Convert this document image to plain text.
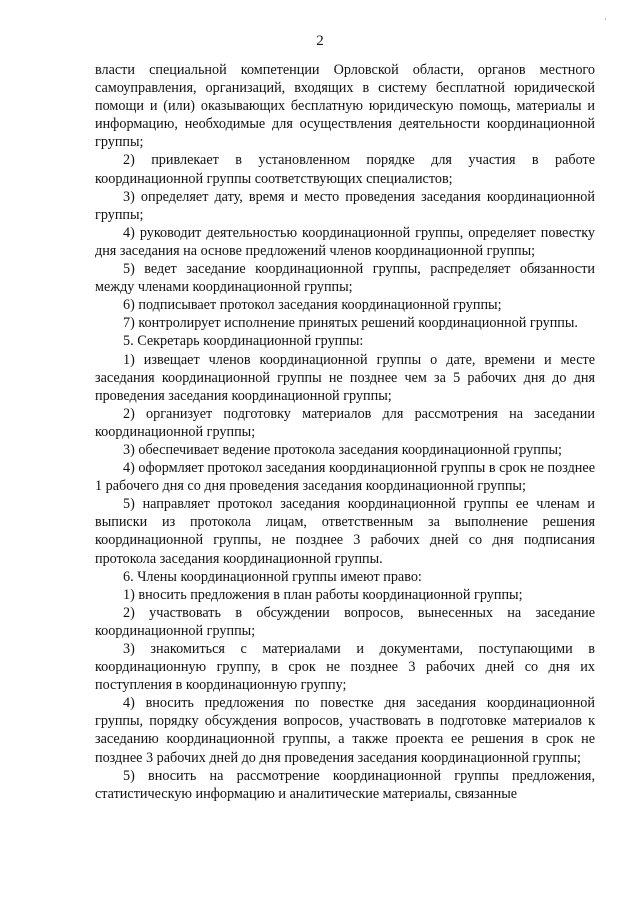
·
2

власти специальной компетенции Орловской области, органов местного самоуправления, организаций, входящих в систему бесплатной юридической помощи и (или) оказывающих бесплатную юридическую помощь, материалы и информацию, необходимые для осуществления деятельности координационной группы;

2) привлекает в установленном порядке для участия в работе координационной группы соответствующих специалистов;

3) определяет дату, время и место проведения заседания координационной группы;

4) руководит деятельностью координационной группы, определяет повестку дня заседания на основе предложений членов координационной группы;

5) ведет заседание координационной группы, распределяет обязанности между членами координационной группы;

6) подписывает протокол заседания координационной группы;

7) контролирует исполнение принятых решений координационной группы.

5. Секретарь координационной группы:

1) извещает членов координационной группы о дате, времени и месте заседания координационной группы не позднее чем за 5 рабочих дня до дня проведения заседания координационной группы;

2) организует подготовку материалов для рассмотрения на заседании координационной группы;

3) обеспечивает ведение протокола заседания координационной группы;

4) оформляет протокол заседания координационной группы в срок не позднее 1 рабочего дня со дня проведения заседания координационной группы;

5) направляет протокол заседания координационной группы ее членам и выписки из протокола лицам, ответственным за выполнение решения координационной группы, не позднее 3 рабочих дней со дня подписания протокола заседания координационной группы.

6. Члены координационной группы имеют право:

1) вносить предложения в план работы координационной группы;

2) участвовать в обсуждении вопросов, вынесенных на заседание координационной группы;

3) знакомиться с материалами и документами, поступающими в координационную группу, в срок не позднее 3 рабочих дней со дня их поступления в координационную группу;

4) вносить предложения по повестке дня заседания координационной группы, порядку обсуждения вопросов, участвовать в подготовке материалов к заседанию координационной группы, а также проекта ее решения в срок не позднее 3 рабочих дней до дня проведения заседания координационной группы;

5) вносить на рассмотрение координационной группы предложения, статистическую информацию и аналитические материалы, связанные
